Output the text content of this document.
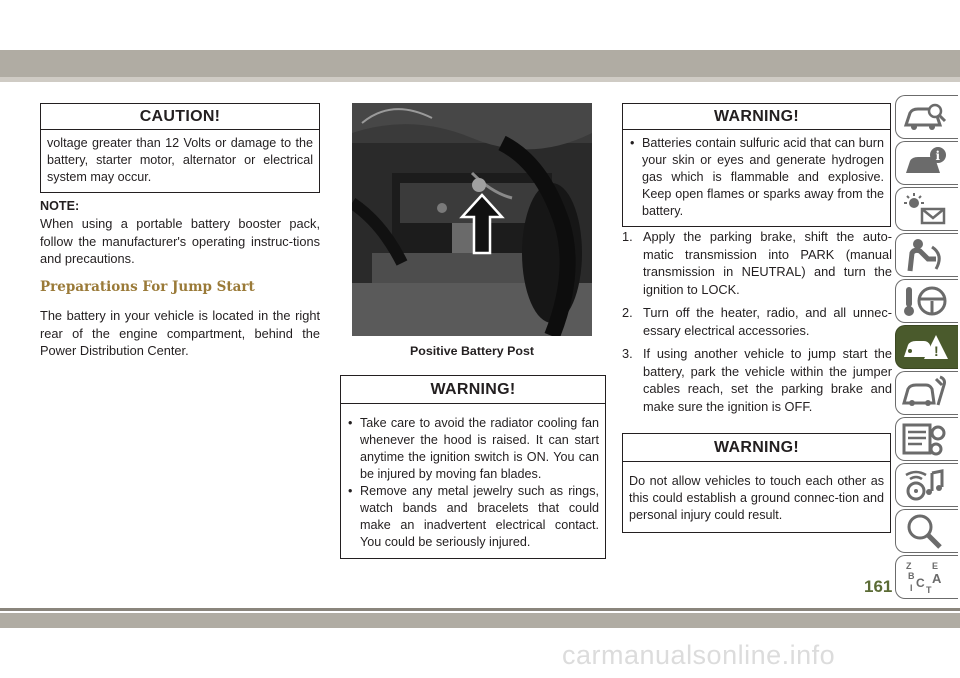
CAUTION!
voltage greater than 12 Volts or damage to the battery, starter motor, alternator or electrical system may occur.
NOTE:
When using a portable battery booster pack, follow the manufacturer's operating instruc-tions and precautions.
Preparations For Jump Start
The battery in your vehicle is located in the right rear of the engine compartment, behind the Power Distribution Center.	Positive Battery Post
WARNING!
• Take care to avoid the radiator cooling fan whenever the hood is raised. It can start anytime the ignition switch is ON. You can be injured by moving fan blades.
• Remove any metal jewelry such as rings, watch bands and bracelets that could make an inadvertent electrical contact. You could be seriously injured.
WARNING!
• Batteries contain sulfuric acid that can burn your skin or eyes and generate hydrogen gas which is flammable and explosive. Keep open flames or sparks away from the battery.
1. Apply the parking brake, shift the auto-matic transmission into PARK (manual transmission in NEUTRAL) and turn the ignition to LOCK.
2. Turn off the heater, radio, and all unnec-essary electrical accessories.
3. If using another vehicle to jump start the battery, park the vehicle within the jumper cables reach, set the parking brake and make sure the ignition is OFF.
WARNING!
Do not allow vehicles to touch each other as this could establish a ground connec-tion and personal injury could result.
i
!
Z E
B A
I C T
161
carmanualsonline.info
